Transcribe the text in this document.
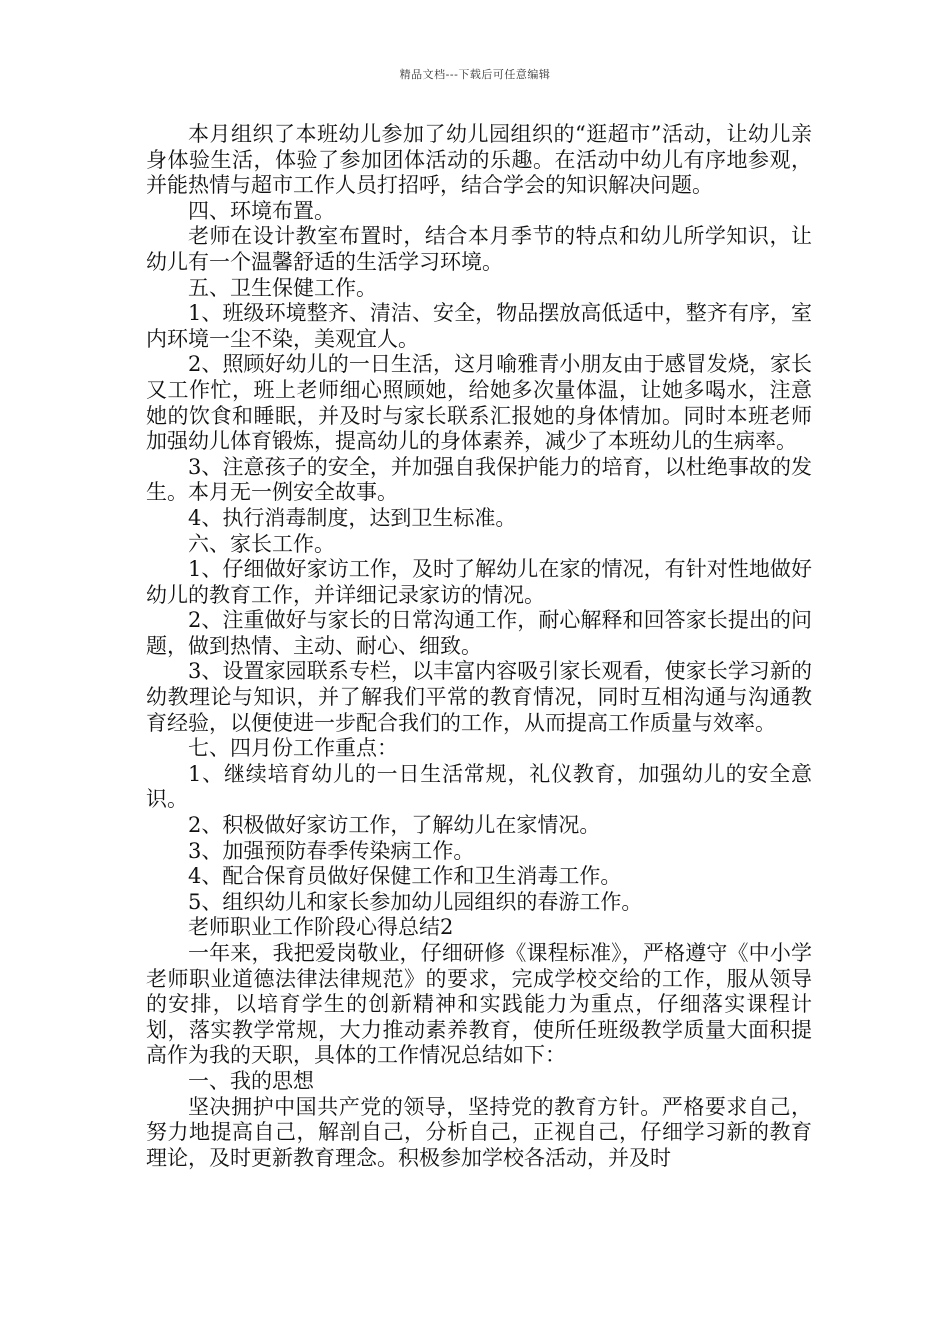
精品文档---下载后可任意编辑

本月组织了本班幼儿参加了幼儿园组织的“逛超市”活动，让幼儿亲身体验生活，体验了参加团体活动的乐趣。在活动中幼儿有序地参观，并能热情与超市工作人员打招呼，结合学会的知识解决问题。

四、环境布置。

老师在设计教室布置时，结合本月季节的特点和幼儿所学知识，让幼儿有一个温馨舒适的生活学习环境。

五、卫生保健工作。

1、班级环境整齐、清洁、安全，物品摆放高低适中，整齐有序，室内环境一尘不染，美观宜人。

2、照顾好幼儿的一日生活，这月喻雅青小朋友由于感冒发烧，家长又工作忙，班上老师细心照顾她，给她多次量体温，让她多喝水，注意她的饮食和睡眠，并及时与家长联系汇报她的身体情加。同时本班老师加强幼儿体育锻炼，提高幼儿的身体素养，减少了本班幼儿的生病率。

3、注意孩子的安全，并加强自我保护能力的培育，以杜绝事故的发生。本月无一例安全故事。

4、执行消毒制度，达到卫生标准。

六、家长工作。

1、仔细做好家访工作，及时了解幼儿在家的情况，有针对性地做好幼儿的教育工作，并详细记录家访的情况。

2、注重做好与家长的日常沟通工作，耐心解释和回答家长提出的问题，做到热情、主动、耐心、细致。

3、设置家园联系专栏，以丰富内容吸引家长观看，使家长学习新的幼教理论与知识，并了解我们平常的教育情况，同时互相沟通与沟通教育经验，以便使进一步配合我们的工作，从而提高工作质量与效率。

七、四月份工作重点：

1、继续培育幼儿的一日生活常规，礼仪教育，加强幼儿的安全意识。

2、积极做好家访工作，了解幼儿在家情况。

3、加强预防春季传染病工作。

4、配合保育员做好保健工作和卫生消毒工作。

5、组织幼儿和家长参加幼儿园组织的春游工作。

老师职业工作阶段心得总结2

一年来，我把爱岗敬业，仔细研修《课程标准》，严格遵守《中小学老师职业道德法律法律规范》的要求，完成学校交给的工作，服从领导的安排，以培育学生的创新精神和实践能力为重点，仔细落实课程计划，落实教学常规，大力推动素养教育，使所任班级教学质量大面积提高作为我的天职，具体的工作情况总结如下：

一、我的思想

坚决拥护中国共产党的领导，坚持党的教育方针。严格要求自己，努力地提高自己，解剖自己，分析自己，正视自己，仔细学习新的教育理论，及时更新教育理念。积极参加学校各活动，并及时
